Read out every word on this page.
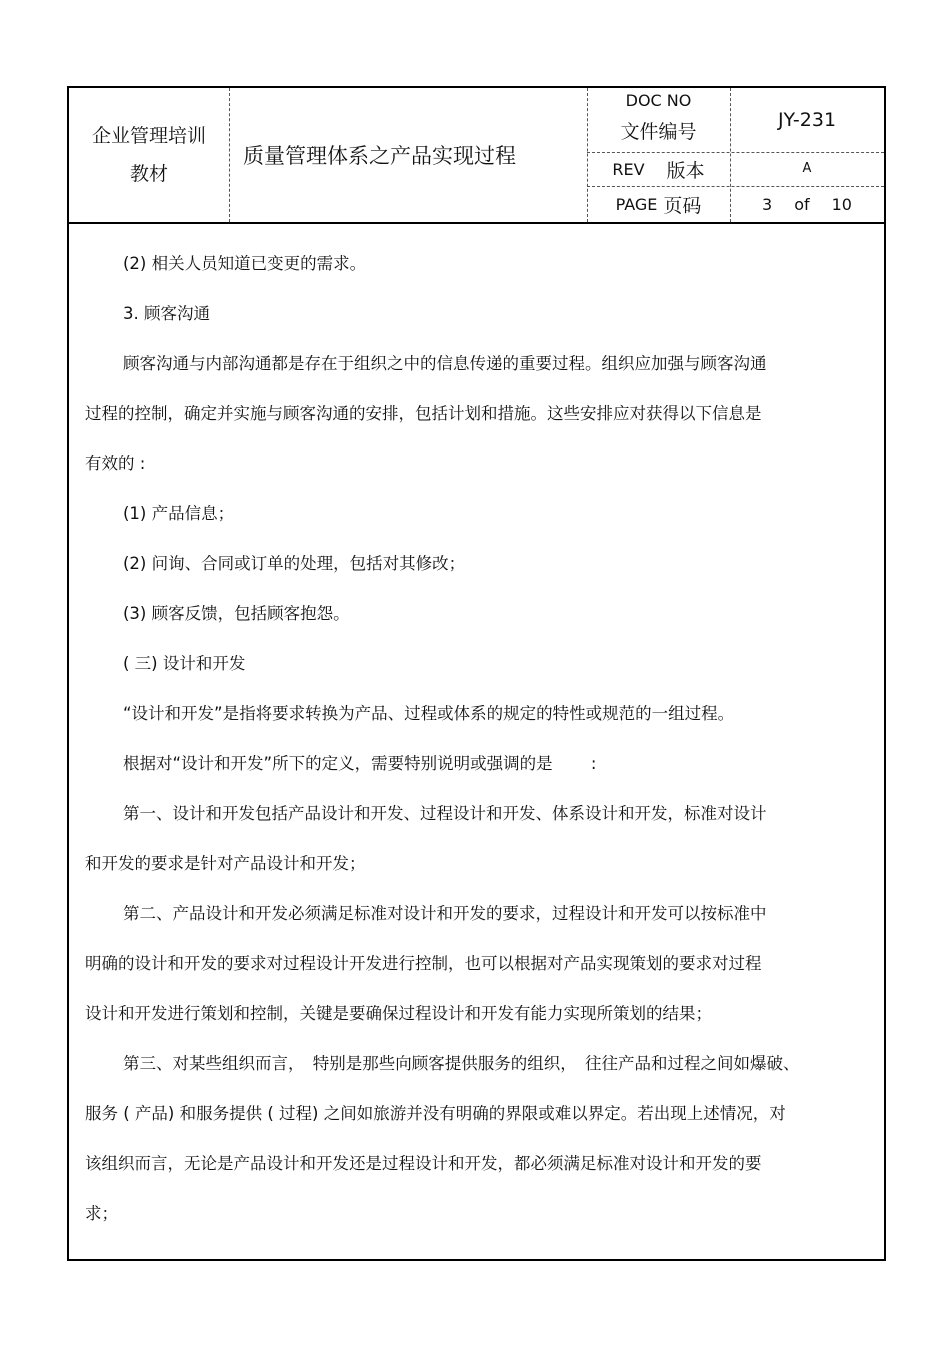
企业管理培训
教材
质量管理体系之产品实现过程
DOC NO
文件编号
JY-231
REV 版本	A
PAGE 页码	3 of 10
(2) 相关人员知道已变更的需求。
3. 顾客沟通
顾客沟通与内部沟通都是存在于组织之中的信息传递的重要过程。组织应加强与顾客沟通
过程的控制，确定并实施与顾客沟通的安排，包括计划和措施。这些安排应对获得以下信息是
有效的 :
(1) 产品信息；
(2) 问询、合同或订单的处理，包括对其修改；
(3) 顾客反馈，包括顾客抱怨。
( 三) 设计和开发
“设计和开发”是指将要求转换为产品、过程或体系的规定的特性或规范的一组过程。
根据对“设计和开发”所下的定义，需要特别说明或强调的是　　 :
第一、设计和开发包括产品设计和开发、过程设计和开发、体系设计和开发，标准对设计
和开发的要求是针对产品设计和开发；
第二、产品设计和开发必须满足标准对设计和开发的要求，过程设计和开发可以按标准中
明确的设计和开发的要求对过程设计开发进行控制，也可以根据对产品实现策划的要求对过程
设计和开发进行策划和控制，关键是要确保过程设计和开发有能力实现所策划的结果；
第三、对某些组织而言，　特别是那些向顾客提供服务的组织，　往往产品和过程之间如爆破、
服务 ( 产品) 和服务提供 ( 过程) 之间如旅游并没有明确的界限或难以界定。若出现上述情况，对
该组织而言，无论是产品设计和开发还是过程设计和开发，都必须满足标准对设计和开发的要
求；
